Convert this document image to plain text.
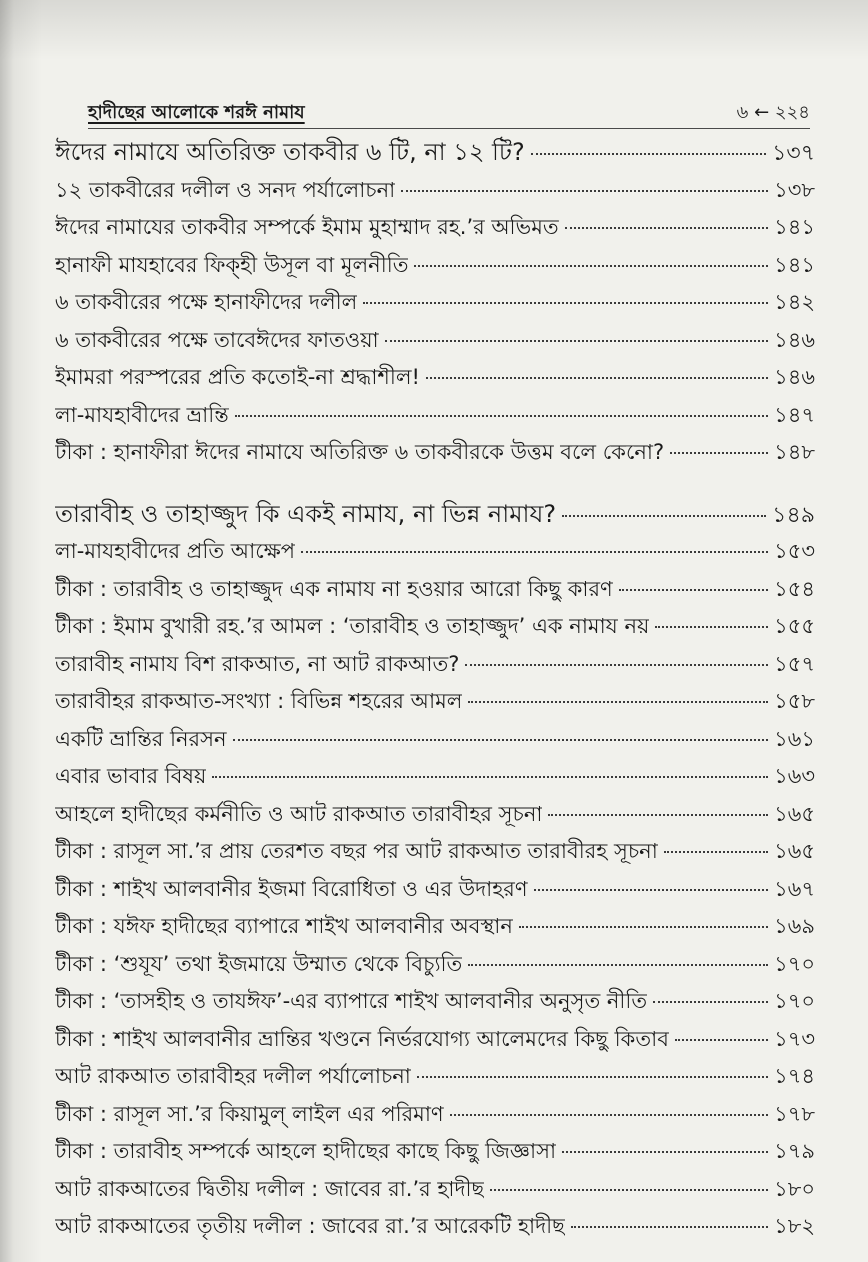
হাদীছের আলোকে শরঈ নামায	৬ ← ২২৪
ঈদের নামাযে অতিরিক্ত তাকবীর ৬ টি, না ১২ টি?	১৩৭
১২ তাকবীরের দলীল ও সনদ পর্যালোচনা	১৩৮
ঈদের নামাযের তাকবীর সম্পর্কে ইমাম মুহাম্মাদ রহ.’র অভিমত	১৪১
হানাফী মাযহাবের ফিক্‌হী উসূল বা মূলনীতি	১৪১
৬ তাকবীরের পক্ষে হানাফীদের দলীল	১৪২
৬ তাকবীরের পক্ষে তাবেঈদের ফাতওয়া	১৪৬
ইমামরা পরস্পরের প্রতি কতোই-না শ্রদ্ধাশীল!	১৪৬
লা-মাযহাবীদের ভ্রান্তি	১৪৭
টীকা : হানাফীরা ঈদের নামাযে অতিরিক্ত ৬ তাকবীরকে উত্তম বলে কেনো?	১৪৮
তারাবীহ ও তাহাজ্জুদ কি একই নামায, না ভিন্ন নামায?	১৪৯
লা-মাযহাবীদের প্রতি আক্ষেপ	১৫৩
টীকা : তারাবীহ ও তাহাজ্জুদ এক নামায না হওয়ার আরো কিছু কারণ	১৫৪
টীকা : ইমাম বুখারী রহ.’র আমল : ‘তারাবীহ ও তাহাজ্জুদ’ এক নামায নয়	১৫৫
তারাবীহ নামায বিশ রাকআত, না আট রাকআত?	১৫৭
তারাবীহর রাকআত-সংখ্যা : বিভিন্ন শহরের আমল	১৫৮
একটি ভ্রান্তির নিরসন	১৬১
এবার ভাবার বিষয়	১৬৩
আহলে হাদীছের কর্মনীতি ও আট রাকআত তারাবীহর সূচনা	১৬৫
টীকা : রাসূল সা.’র প্রায় তেরশত বছর পর আট রাকআত তারাবীরহ সূচনা	১৬৫
টীকা : শাইখ আলবানীর ইজমা বিরোধিতা ও এর উদাহরণ	১৬৭
টীকা : যঈফ হাদীছের ব্যাপারে শাইখ আলবানীর অবস্থান	১৬৯
টীকা : ‘শুযূয’ তথা ইজমায়ে উম্মাত থেকে বিচ্যুতি	১৭০
টীকা : ‘তাসহীহ ও তাযঈফ’-এর ব্যাপারে শাইখ আলবানীর অনুসৃত নীতি	১৭০
টীকা : শাইখ আলবানীর ভ্রান্তির খণ্ডনে নির্ভরযোগ্য আলেমদের কিছু কিতাব	১৭৩
আট রাকআত তারাবীহর দলীল পর্যালোচনা	১৭৪
টীকা : রাসূল সা.’র কিয়ামুল্ লাইল এর পরিমাণ	১৭৮
টীকা : তারাবীহ সম্পর্কে আহলে হাদীছের কাছে কিছু জিজ্ঞাসা	১৭৯
আট রাকআতের দ্বিতীয় দলীল : জাবের রা.’র হাদীছ	১৮০
আট রাকআতের তৃতীয় দলীল : জাবের রা.’র আরেকটি হাদীছ	১৮২
